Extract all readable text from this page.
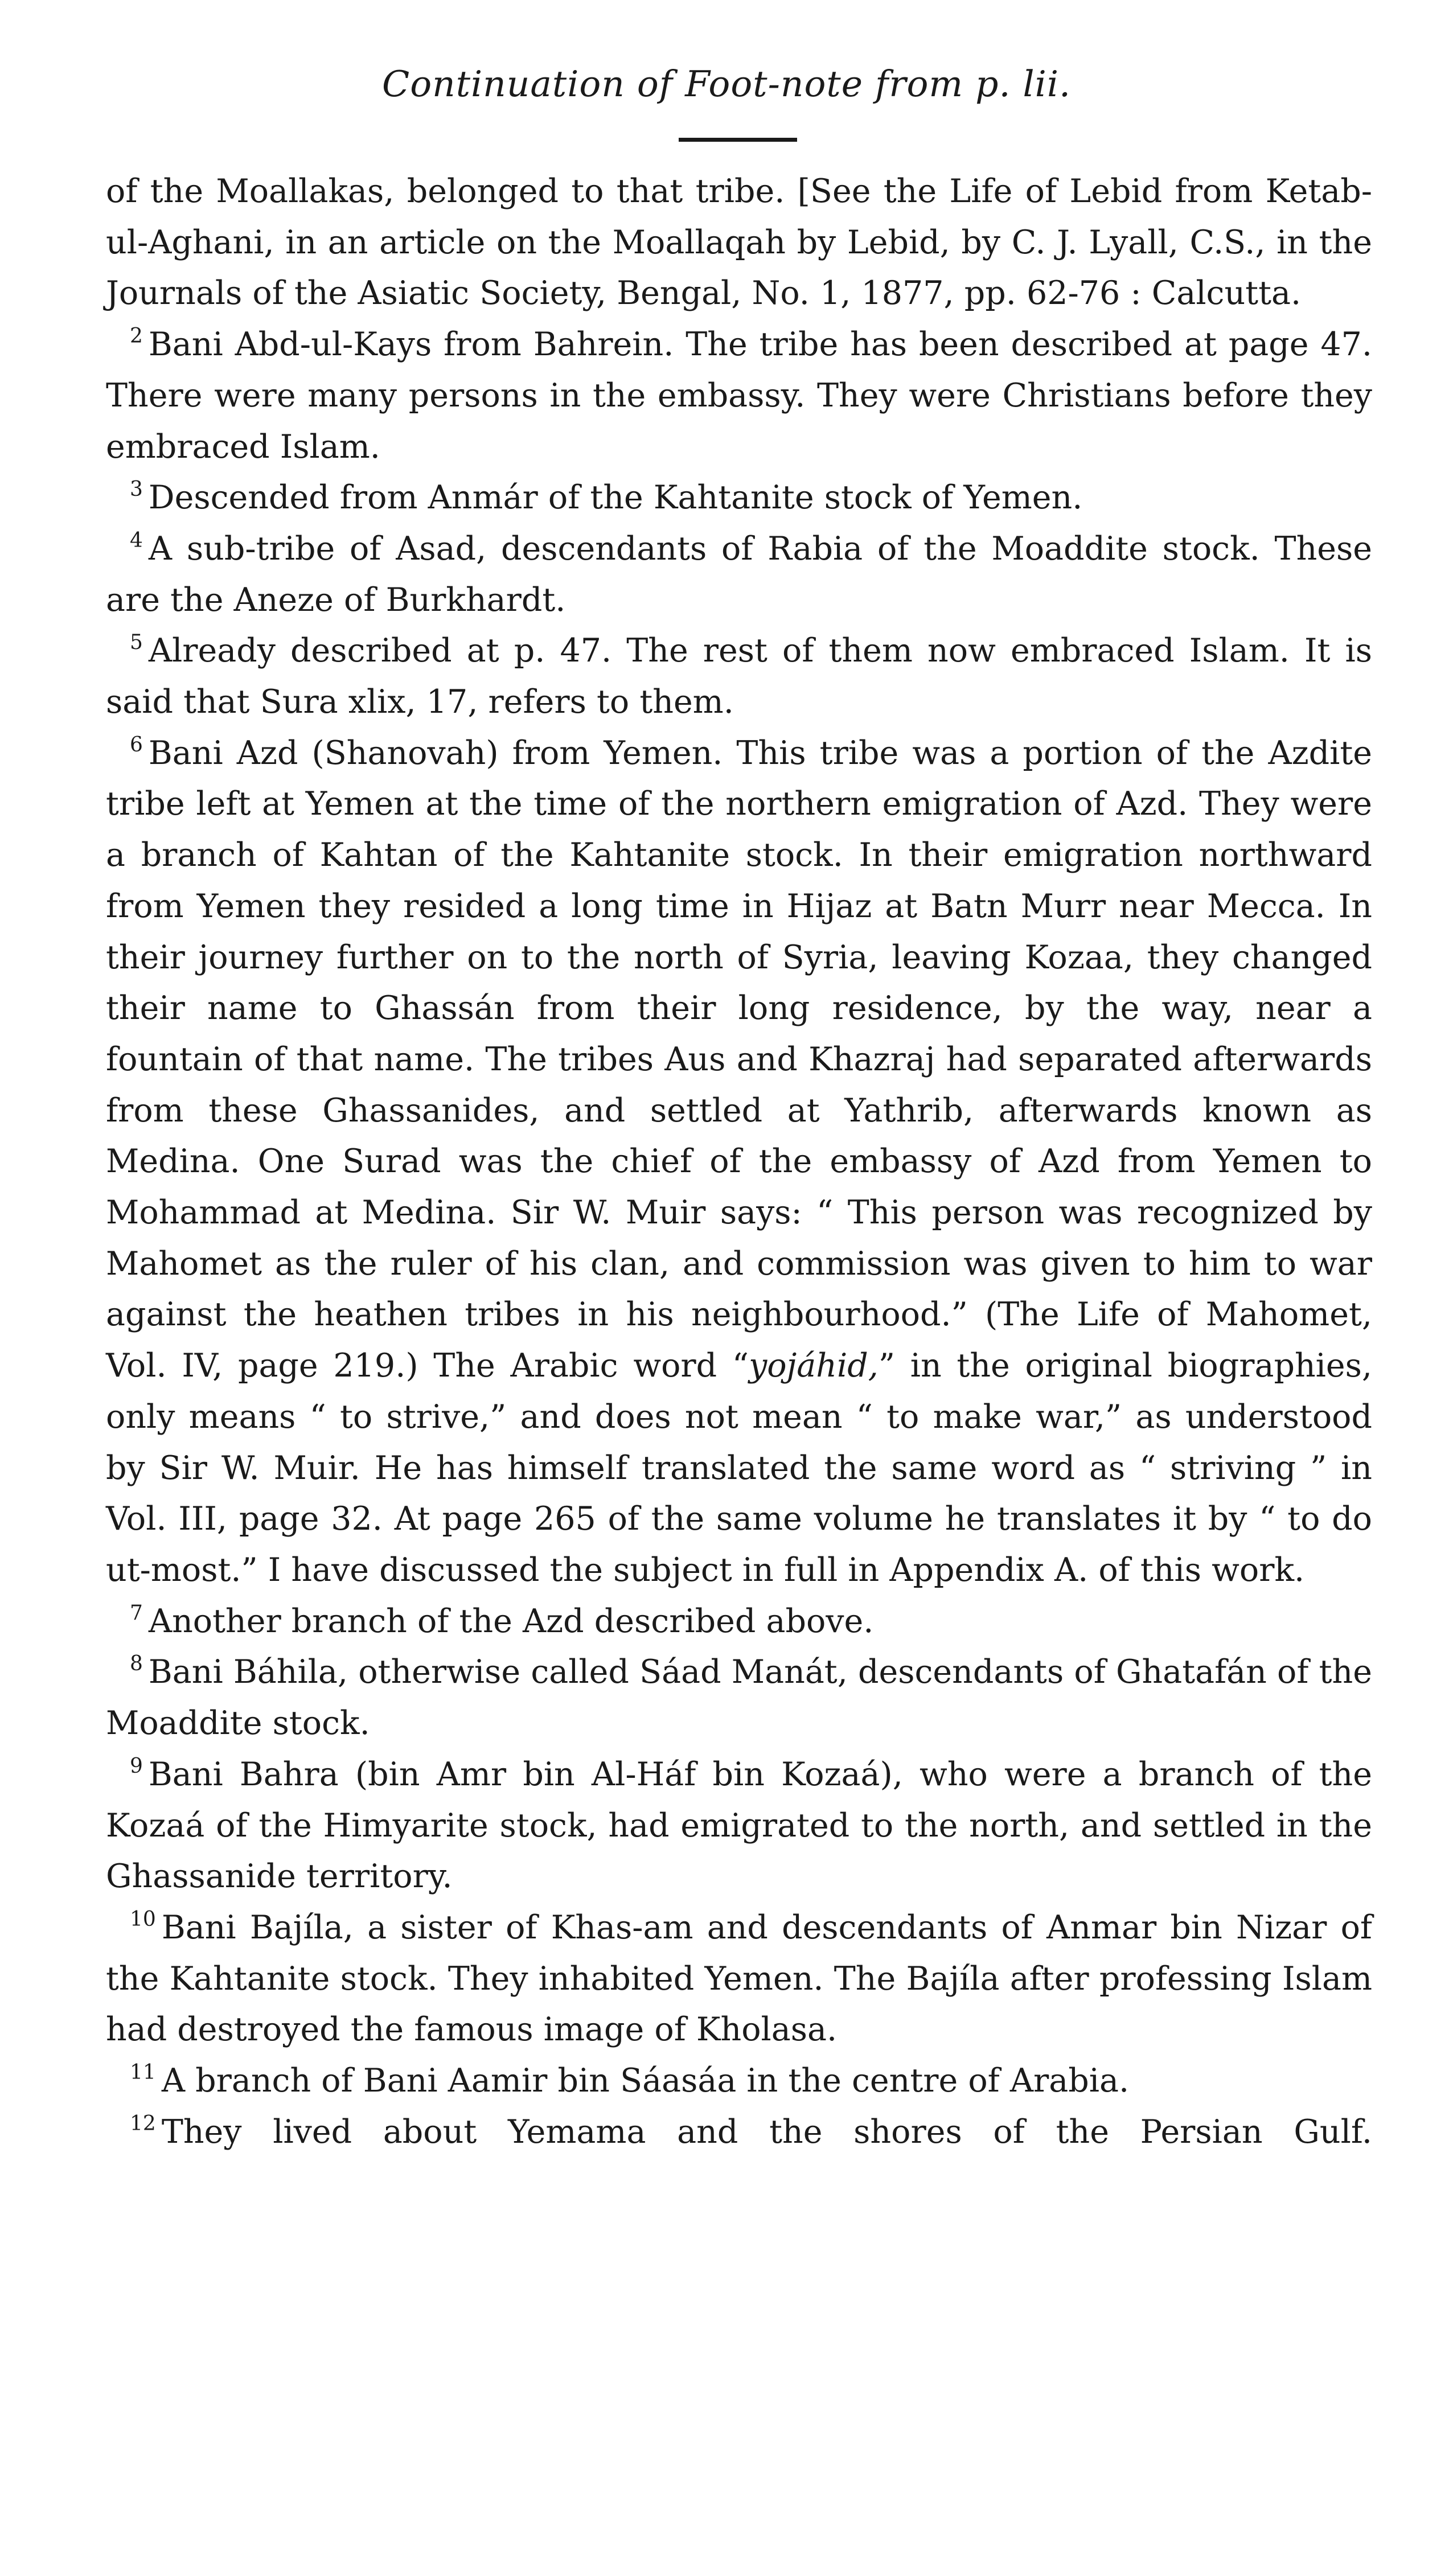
Continuation of Foot-note from p. lii.

of the Moallakas, belonged to that tribe. [See the Life of Lebid from Ketab-ul-Aghani, in an article on the Moallaqah by Lebid, by C. J. Lyall, C.S., in the Journals of the Asiatic Society, Bengal, No. 1, 1877, pp. 62-76 : Calcutta.

$^2$ Bani Abd-ul-Kays from Bahrein. The tribe has been described at page 47. There were many persons in the embassy. They were Christians before they embraced Islam.

$^3$ Descended from Anmár of the Kahtanite stock of Yemen.

$^4$ A sub-tribe of Asad, descendants of Rabia of the Moaddite stock. These are the Aneze of Burkhardt.

$^5$ Already described at p. 47. The rest of them now embraced Islam. It is said that Sura xlix, 17, refers to them.

$^6$ Bani Azd (Shanovah) from Yemen. This tribe was a portion of the Azdite tribe left at Yemen at the time of the northern emigration of Azd. They were a branch of Kahtan of the Kahtanite stock. In their emigration northward from Yemen they resided a long time in Hijaz at Batn Murr near Mecca. In their journey further on to the north of Syria, leaving Kozaa, they changed their name to Ghassán from their long residence, by the way, near a fountain of that name. The tribes Aus and Khazraj had separated afterwards from these Ghassanides, and settled at Yathrib, afterwards known as Medina. One Surad was the chief of the embassy of Azd from Yemen to Mohammad at Medina. Sir W. Muir says: “ This person was recognized by Mahomet as the ruler of his clan, and commission was given to him to war against the heathen tribes in his neighbourhood.” (The Life of Mahomet, Vol. IV, page 219.) The Arabic word “yojáhid,” in the original biographies, only means “ to strive,” and does not mean “ to make war,” as understood by Sir W. Muir. He has himself translated the same word as “ striving ” in Vol. III, page 32. At page 265 of the same volume he translates it by “ to do ut-most.” I have discussed the subject in full in Appendix A. of this work.

$^7$ Another branch of the Azd described above.

$^8$ Bani Báhila, otherwise called Sáad Manát, descendants of Ghatafán of the Moaddite stock.

$^9$ Bani Bahra (bin Amr bin Al-Háf bin Kozaá), who were a branch of the Kozaá of the Himyarite stock, had emigrated to the north, and settled in the Ghassanide territory.

$^{10}$ Bani Bajíla, a sister of Khas-am and descendants of Anmar bin Nizar of the Kahtanite stock. They inhabited Yemen. The Bajíla after professing Islam had destroyed the famous image of Kholasa.

$^{11}$ A branch of Bani Aamir bin Sáasáa in the centre of Arabia.

$^{12}$ They lived about Yemama and the shores of the Persian Gulf.
